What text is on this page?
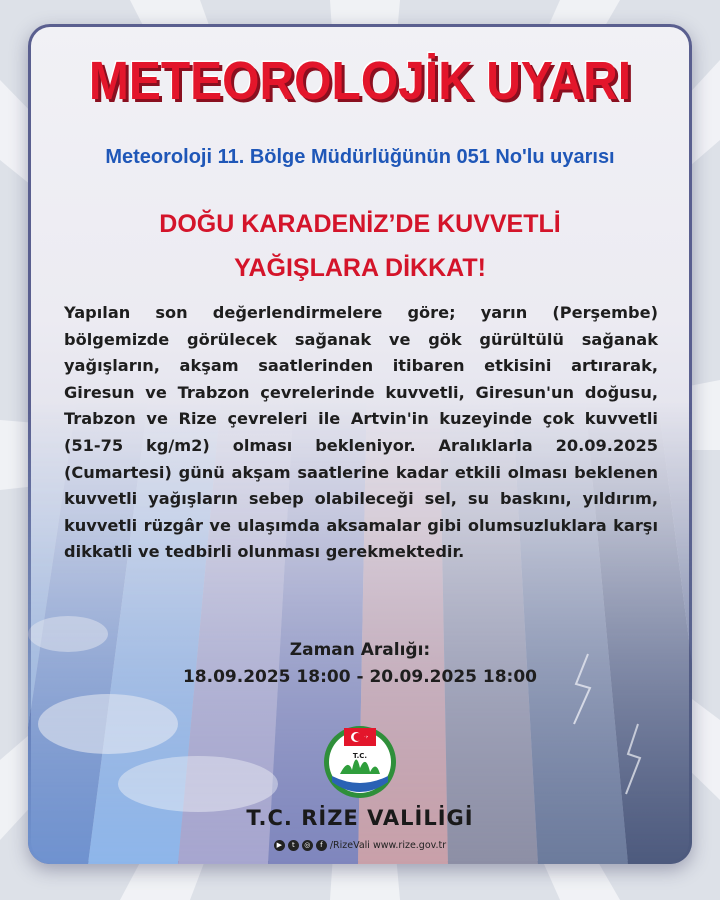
METEOROLOJİK UYARI
Meteoroloji 11. Bölge Müdürlüğünün 051 No'lu uyarısı
DOĞU KARADENİZ’DE KUVVETLİ
YAĞIŞLARA DİKKAT!
Yapılan son değerlendirmelere göre; yarın (Perşembe) bölgemizde görülecek sağanak ve gök gürültülü sağanak yağışların, akşam saatlerinden itibaren etkisini artırarak, Giresun ve Trabzon çevrelerinde kuvvetli, Giresun'un doğusu, Trabzon ve Rize çevreleri ile Artvin'in kuzeyinde çok kuvvetli (51-75 kg/m2) olması bekleniyor. Aralıklarla 20.09.2025 (Cumartesi) günü akşam saatlerine kadar etkili olması beklenen kuvvetli yağışların sebep olabileceği sel, su baskını, yıldırım, kuvvetli rüzgâr ve ulaşımda aksamalar gibi olumsuzluklara karşı dikkatli ve tedbirli olunması gerekmektedir.
Zaman Aralığı:
18.09.2025 18:00 - 20.09.2025 18:00
T.C.
T.C. RİZE VALİLİGİ
▶	t	◎	f /RizeVali www.rize.gov.tr
